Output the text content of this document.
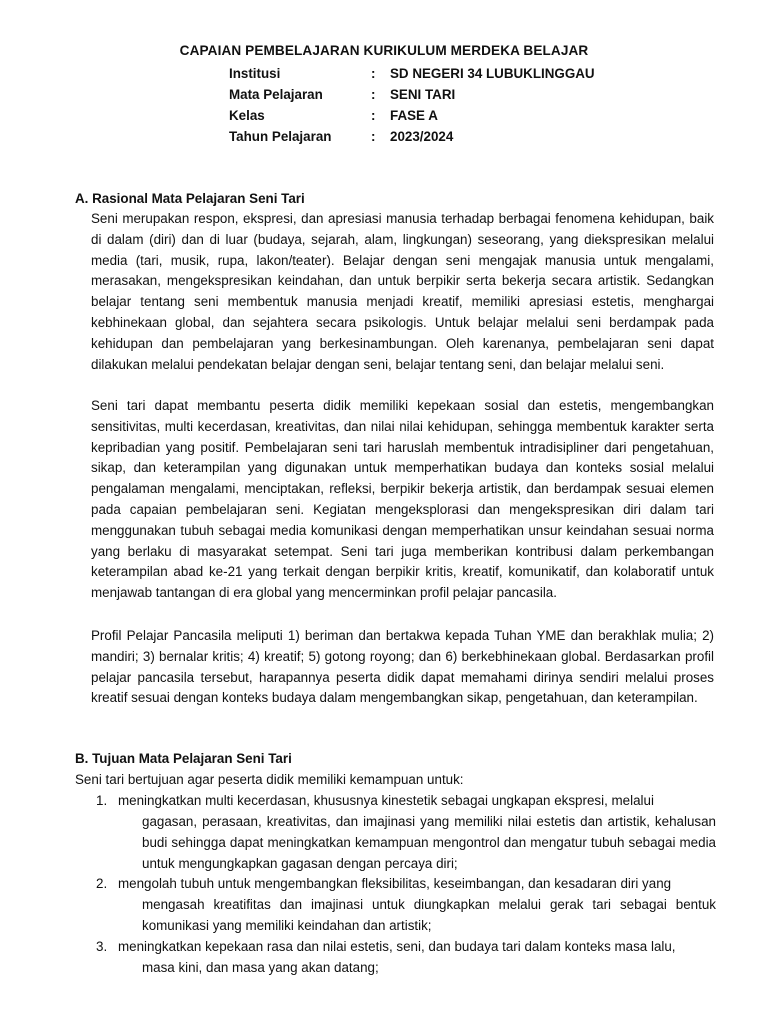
CAPAIAN PEMBELAJARAN KURIKULUM MERDEKA BELAJAR
Institusi	: SD NEGERI 34 LUBUKLINGGAU
Mata Pelajaran	: SENI TARI
Kelas	: FASE A
Tahun Pelajaran	: 2023/2024
A. Rasional Mata Pelajaran Seni Tari

Seni merupakan respon, ekspresi, dan apresiasi manusia terhadap berbagai fenomena kehidupan, baik di dalam (diri) dan di luar (budaya, sejarah, alam, lingkungan) seseorang, yang diekspresikan melalui media (tari, musik, rupa, lakon/teater). Belajar dengan seni mengajak manusia untuk mengalami, merasakan, mengekspresikan keindahan, dan untuk berpikir serta bekerja secara artistik. Sedangkan belajar tentang seni membentuk manusia menjadi kreatif, memiliki apresiasi estetis, menghargai kebhinekaan global, dan sejahtera secara psikologis. Untuk belajar melalui seni berdampak pada kehidupan dan pembelajaran yang berkesinambungan. Oleh karenanya, pembelajaran seni dapat dilakukan melalui pendekatan belajar dengan seni, belajar tentang seni, dan belajar melalui seni.

Seni tari dapat membantu peserta didik memiliki kepekaan sosial dan estetis, mengembangkan sensitivitas, multi kecerdasan, kreativitas, dan nilai nilai kehidupan, sehingga membentuk karakter serta kepribadian yang positif. Pembelajaran seni tari haruslah membentuk intradisipliner dari pengetahuan, sikap, dan keterampilan yang digunakan untuk memperhatikan budaya dan konteks sosial melalui pengalaman mengalami, menciptakan, refleksi, berpikir bekerja artistik, dan berdampak sesuai elemen pada capaian pembelajaran seni. Kegiatan mengeksplorasi dan mengekspresikan diri dalam tari menggunakan tubuh sebagai media komunikasi dengan memperhatikan unsur keindahan sesuai norma yang berlaku di masyarakat setempat. Seni tari juga memberikan kontribusi dalam perkembangan keterampilan abad ke-21 yang terkait dengan berpikir kritis, kreatif, komunikatif, dan kolaboratif untuk menjawab tantangan di era global yang mencerminkan profil pelajar pancasila.

Profil Pelajar Pancasila meliputi 1) beriman dan bertakwa kepada Tuhan YME dan berakhlak mulia; 2) mandiri; 3) bernalar kritis; 4) kreatif; 5) gotong royong; dan 6) berkebhinekaan global. Berdasarkan profil pelajar pancasila tersebut, harapannya peserta didik dapat memahami dirinya sendiri melalui proses kreatif sesuai dengan konteks budaya dalam mengembangkan sikap, pengetahuan, dan keterampilan.

B. Tujuan Mata Pelajaran Seni Tari

Seni tari bertujuan agar peserta didik memiliki kemampuan untuk:

1. meningkatkan multi kecerdasan, khususnya kinestetik sebagai ungkapan ekspresi, melalui
gagasan, perasaan, kreativitas, dan imajinasi yang memiliki nilai estetis dan artistik, kehalusan budi sehingga dapat meningkatkan kemampuan mengontrol dan mengatur tubuh sebagai media untuk mengungkapkan gagasan dengan percaya diri;
2. mengolah tubuh untuk mengembangkan fleksibilitas, keseimbangan, dan kesadaran diri yang
mengasah kreatifitas dan imajinasi untuk diungkapkan melalui gerak tari sebagai bentuk komunikasi yang memiliki keindahan dan artistik;
3. meningkatkan kepekaan rasa dan nilai estetis, seni, dan budaya tari dalam konteks masa lalu,
masa kini, dan masa yang akan datang;
